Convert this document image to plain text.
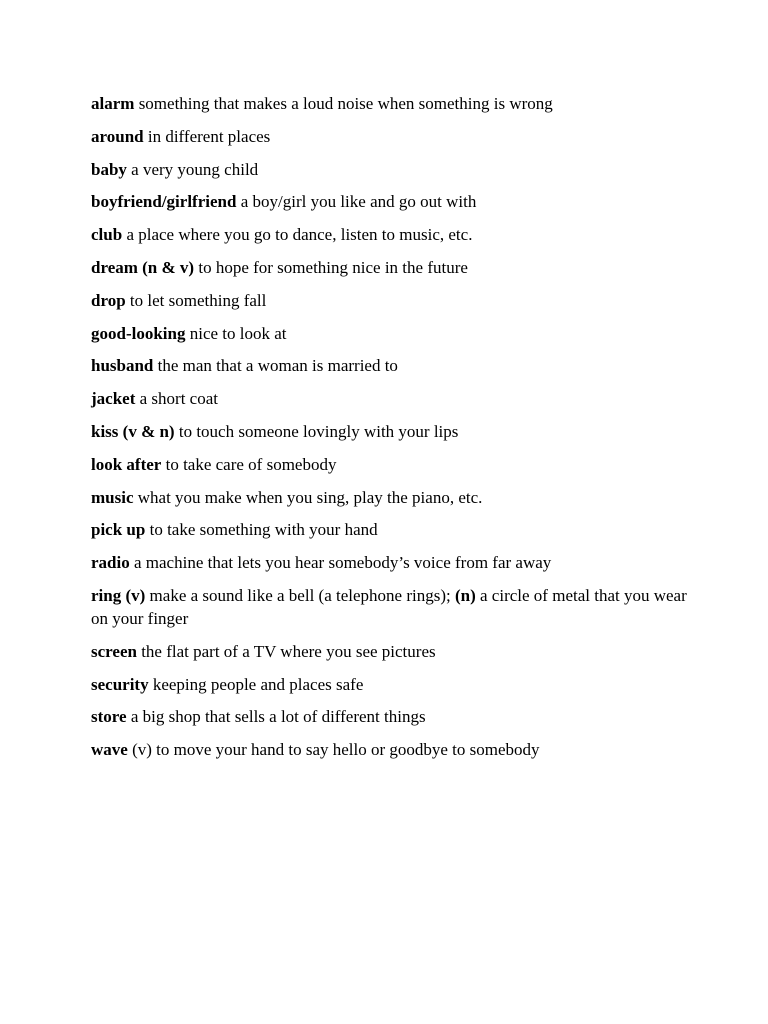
alarm something that makes a loud noise when something is wrong

around in different places

baby a very young child

boyfriend/girlfriend a boy/girl you like and go out with

club a place where you go to dance, listen to music, etc.

dream (n & v) to hope for something nice in the future

drop to let something fall

good-looking nice to look at

husband the man that a woman is married to

jacket a short coat

kiss (v & n) to touch someone lovingly with your lips

look after to take care of somebody

music what you make when you sing, play the piano, etc.

pick up to take something with your hand

radio a machine that lets you hear somebody’s voice from far away

ring (v) make a sound like a bell (a telephone rings); (n) a circle of metal that you wear on your finger

screen the flat part of a TV where you see pictures

security keeping people and places safe

store a big shop that sells a lot of different things

wave (v) to move your hand to say hello or goodbye to somebody
